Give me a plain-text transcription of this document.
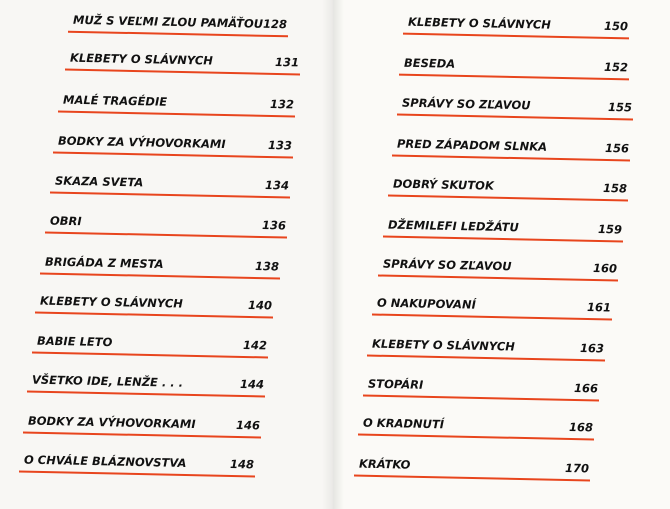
MUŽ S VEĽMI ZLOU PAMÄŤOU 128
KLEBETY O SLÁVNYCH	131
MALÉ TRAGÉDIE	132
BODKY ZA VÝHOVORKAMI	133
SKAZA SVETA	134
OBRI	136
BRIGÁDA Z MESTA	138
KLEBETY O SLÁVNYCH	140
BABIE LETO	142
VŠETKO IDE, LENŽE . . .	144
BODKY ZA VÝHOVORKAMI	146
O CHVÁLE BLÁZNOVSTVA	148
KLEBETY O SLÁVNYCH	150
BESEDA	152
SPRÁVY SO ZĽAVOU	155
PRED ZÁPADOM SLNKA	156
DOBRÝ SKUTOK	158
DŽEMILEFI LEDŽÁTU	159
SPRÁVY SO ZĽAVOU	160
O NAKUPOVANÍ	161
KLEBETY O SLÁVNYCH	163
STOPÁRI	166
O KRADNUTÍ	168
KRÁTKO	170
